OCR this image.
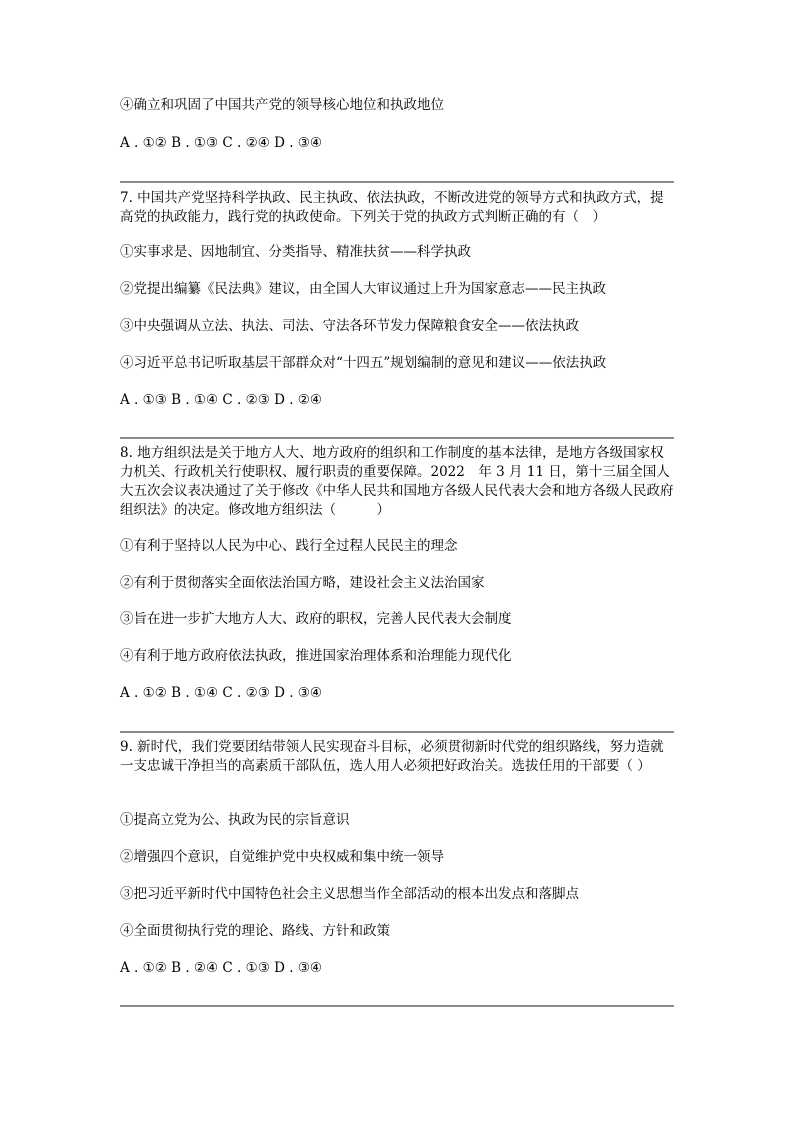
④确立和巩固了中国共产党的领导核心地位和执政地位
A . ①② B . ①③ C . ②④ D . ③④
7. 中国共产党坚持科学执政、民主执政、依法执政，不断改进党的领导方式和执政方式，提高党的执政能力，践行党的执政使命。下列关于党的执政方式判断正确的有（　）
①实事求是、因地制宜、分类指导、精准扶贫——科学执政
②党提出编纂《民法典》建议，由全国人大审议通过上升为国家意志——民主执政
③中央强调从立法、执法、司法、守法各环节发力保障粮食安全——依法执政
④习近平总书记听取基层干部群众对“十四五”规划编制的意见和建议——依法执政
A . ①③ B . ①④ C . ②③ D . ②④
8. 地方组织法是关于地方人大、地方政府的组织和工作制度的基本法律，是地方各级国家权力机关、行政机关行使职权、履行职责的重要保障。2022　年 3 月 11 日，第十三届全国人大五次会议表决通过了关于修改《中华人民共和国地方各级人民代表大会和地方各级人民政府组织法》的决定。修改地方组织法（　　　）
①有利于坚持以人民为中心、践行全过程人民民主的理念
②有利于贯彻落实全面依法治国方略，建设社会主义法治国家
③旨在进一步扩大地方人大、政府的职权，完善人民代表大会制度
④有利于地方政府依法执政，推进国家治理体系和治理能力现代化
A . ①② B . ①④ C . ②③ D . ③④
9. 新时代，我们党要团结带领人民实现奋斗目标，必须贯彻新时代党的组织路线，努力造就一支忠诚干净担当的高素质干部队伍，选人用人必须把好政治关。选拔任用的干部要（ ）
①提高立党为公、执政为民的宗旨意识
②增强四个意识，自觉维护党中央权威和集中统一领导
③把习近平新时代中国特色社会主义思想当作全部活动的根本出发点和落脚点
④全面贯彻执行党的理论、路线、方针和政策
A . ①② B . ②④ C . ①③ D . ③④
